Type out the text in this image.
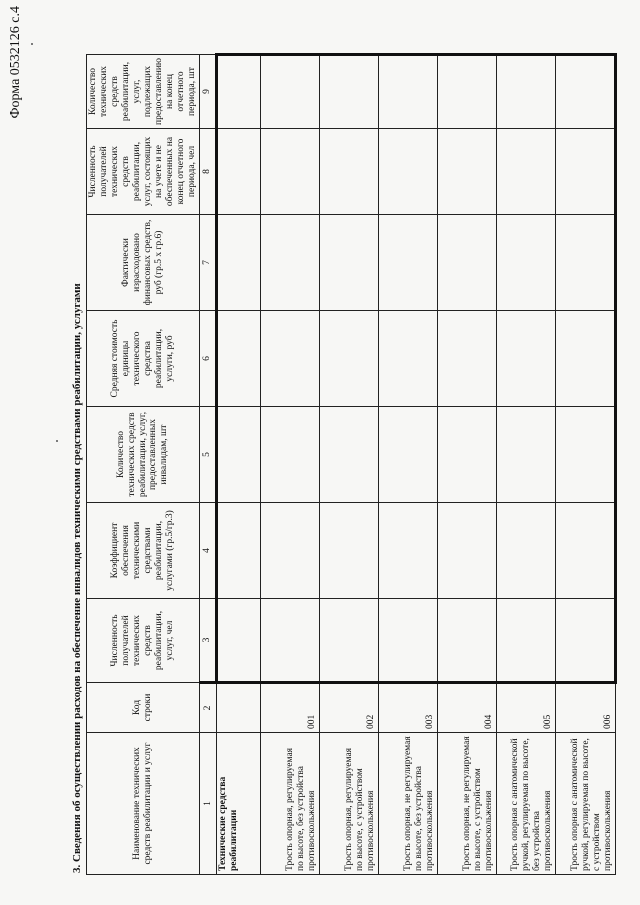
Форма 0532126 с.4
3. Сведения об осуществлении расходов на обеспечение инвалидов техническими средствами реабилитации, услугами	Наименование технических средств реабилитации и услуг	Код строки	Численность получателей технических средств реабилитации, услуг, чел	Коэффициент обеспечения техническими средствами реабилитации, услугами (гр.5/гр.3)	Количество технических средств реабилитации, услуг, предоставленных инвалидам, шт	Средняя стоимость единицы технического средства реабилитации, услуги, руб	Фактически израсходовано финансовых средств, руб (гр.5 х гр.6)	Численность получателей технических средств реабилитации, услуг, состоящих на учете и не обеспеченных на конец отчетного периода, чел	Количество технических средств реабилитации, услуг, подлежащих предоставлению на конец отчетного периода, шт
1	2	3	4	5	6	7	8	9
Технические средства реабилитации								
Трость опорная, регулируемая по высоте, без устройства противоскольжения	001							
Трость опорная, регулируемая по высоте, с устройством противоскольжения	002							
Трость опорная, не регулируемая по высоте, без устройства противоскольжения	003							
Трость опорная, не регулируемая по высоте, с устройством противоскольжения	004							
Трость опорная с анатомической ручкой, регулируемая по высоте, без устройства противоскольжения	005							
Трость опорная с анатомической ручкой, регулируемая по высоте, с устройством противоскольжения	006							
